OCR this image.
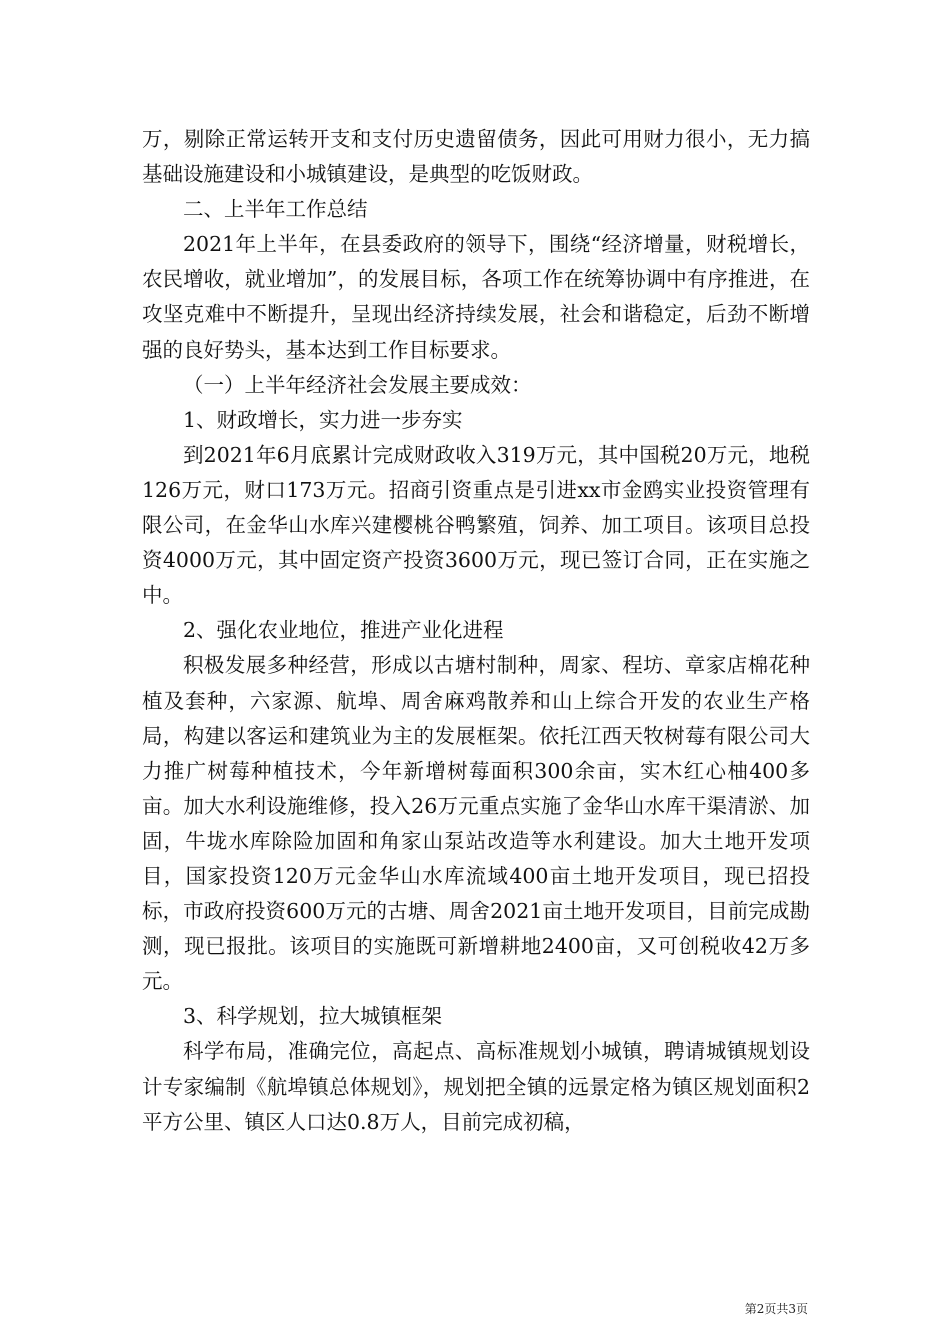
万，剔除正常运转开支和支付历史遗留债务，因此可用财力很小，无力搞基础设施建设和小城镇建设，是典型的吃饭财政。

二、上半年工作总结

2021年上半年，在县委政府的领导下，围绕“经济增量，财税增长，农民增收，就业增加”，的发展目标，各项工作在统筹协调中有序推进，在攻坚克难中不断提升，呈现出经济持续发展，社会和谐稳定，后劲不断增强的良好势头，基本达到工作目标要求。

（一）上半年经济社会发展主要成效：

1、财政增长，实力进一步夯实

到2021年6月底累计完成财政收入319万元，其中国税20万元，地税126万元，财口173万元。招商引资重点是引进xx市金鸥实业投资管理有限公司，在金华山水库兴建樱桃谷鸭繁殖，饲养、加工项目。该项目总投资4000万元，其中固定资产投资3600万元，现已签订合同，正在实施之中。

2、强化农业地位，推进产业化进程

积极发展多种经营，形成以古塘村制种，周家、程坊、章家店棉花种植及套种，六家源、航埠、周舍麻鸡散养和山上综合开发的农业生产格局，构建以客运和建筑业为主的发展框架。依托江西天牧树莓有限公司大力推广树莓种植技术，今年新增树莓面积300余亩，实木红心柚400多亩。加大水利设施维修，投入26万元重点实施了金华山水库干渠清淤、加固，牛垅水库除险加固和角家山泵站改造等水利建设。加大土地开发项目，国家投资120万元金华山水库流域400亩土地开发项目，现已招投标，市政府投资600万元的古塘、周舍2021亩土地开发项目，目前完成勘测，现已报批。该项目的实施既可新增耕地2400亩，又可创税收42万多元。

3、科学规划，拉大城镇框架

科学布局，准确完位，高起点、高标准规划小城镇，聘请城镇规划设计专家编制《航埠镇总体规划》，规划把全镇的远景定格为镇区规划面积2平方公里、镇区人口达0.8万人，目前完成初稿，

第2页共3页
